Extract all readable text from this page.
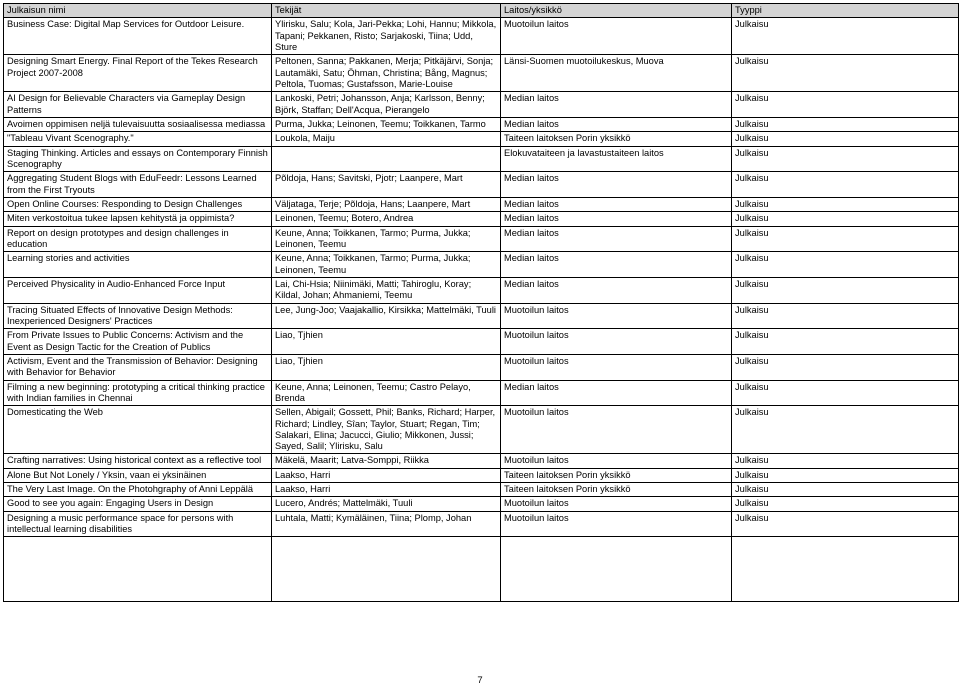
Julkaisun nimi	Tekijät	Laitos/yksikkö	Tyyppi
Business Case: Digital Map Services for Outdoor Leisure.	Ylirisku, Salu; Kola, Jari-Pekka; Lohi, Hannu; Mikkola, Tapani; Pekkanen, Risto; Sarjakoski, Tiina; Udd, Sture	Muotoilun laitos	Julkaisu
Designing Smart Energy. Final Report of the Tekes Research Project 2007-2008	Peltonen, Sanna; Pakkanen, Merja; Pitkäjärvi, Sonja; Lautamäki, Satu; Öhman, Christina; Bång, Magnus; Peltola, Tuomas; Gustafsson, Marie-Louise	Länsi-Suomen muotoilukeskus, Muova	Julkaisu
AI Design for Believable Characters via Gameplay Design Patterns	Lankoski, Petri; Johansson, Anja; Karlsson, Benny; Björk, Staffan; Dell'Acqua, Pierangelo	Median laitos	Julkaisu
Avoimen oppimisen neljä tulevaisuutta sosiaalisessa mediassa	Purma, Jukka; Leinonen, Teemu; Toikkanen, Tarmo	Median laitos	Julkaisu
"Tableau Vivant Scenography."	Loukola, Maiju	Taiteen laitoksen Porin yksikkö	Julkaisu
Staging Thinking. Articles and essays on Contemporary Finnish Scenography		Elokuvataiteen ja lavastustaiteen laitos	Julkaisu
Aggregating Student Blogs with EduFeedr: Lessons Learned from the First Tryouts	Põldoja, Hans; Savitski, Pjotr; Laanpere, Mart	Median laitos	Julkaisu
Open Online Courses: Responding to Design Challenges	Väljataga, Terje; Põldoja, Hans; Laanpere, Mart	Median laitos	Julkaisu
Miten verkostoitua tukee lapsen kehitystä ja oppimista?	Leinonen, Teemu; Botero, Andrea	Median laitos	Julkaisu
Report on design prototypes and design challenges in education	Keune, Anna; Toikkanen, Tarmo; Purma, Jukka; Leinonen, Teemu	Median laitos	Julkaisu
Learning stories and activities	Keune, Anna; Toikkanen, Tarmo; Purma, Jukka; Leinonen, Teemu	Median laitos	Julkaisu
Perceived Physicality in Audio-Enhanced Force Input	Lai, Chi-Hsia; Niinimäki, Matti; Tahiroglu, Koray; Kildal, Johan; Ahmaniemi, Teemu	Median laitos	Julkaisu
Tracing Situated Effects of Innovative Design Methods: Inexperienced Designers' Practices	Lee, Jung-Joo; Vaajakallio, Kirsikka; Mattelmäki, Tuuli	Muotoilun laitos	Julkaisu
From Private Issues to Public Concerns: Activism and the Event as Design Tactic for the Creation of Publics	Liao, Tjhien	Muotoilun laitos	Julkaisu
Activism, Event and the Transmission of Behavior: Designing with Behavior for Behavior	Liao, Tjhien	Muotoilun laitos	Julkaisu
Filming a new beginning: prototyping a critical thinking practice with Indian families in Chennai	Keune, Anna; Leinonen, Teemu; Castro Pelayo, Brenda	Median laitos	Julkaisu
Domesticating the Web	Sellen, Abigail; Gossett, Phil; Banks, Richard; Harper, Richard; Lindley, Sîan; Taylor, Stuart; Regan, Tim; Salakari, Elina; Jacucci, Giulio; Mikkonen, Jussi; Sayed, Salil; Ylirisku, Salu	Muotoilun laitos	Julkaisu
Crafting narratives: Using historical context as a reflective tool	Mäkelä, Maarit; Latva-Somppi, Riikka	Muotoilun laitos	Julkaisu
Alone But Not Lonely / Yksin, vaan ei yksinäinen	Laakso, Harri	Taiteen laitoksen Porin yksikkö	Julkaisu
The Very Last Image. On the Photohgraphy of Anni Leppälä	Laakso, Harri	Taiteen laitoksen Porin yksikkö	Julkaisu
Good to see you again: Engaging Users in Design	Lucero, Andrés; Mattelmäki, Tuuli	Muotoilun laitos	Julkaisu
Designing a music performance space for persons with intellectual learning disabilities	Luhtala, Matti; Kymäläinen, Tiina; Plomp, Johan	Muotoilun laitos	Julkaisu

7
